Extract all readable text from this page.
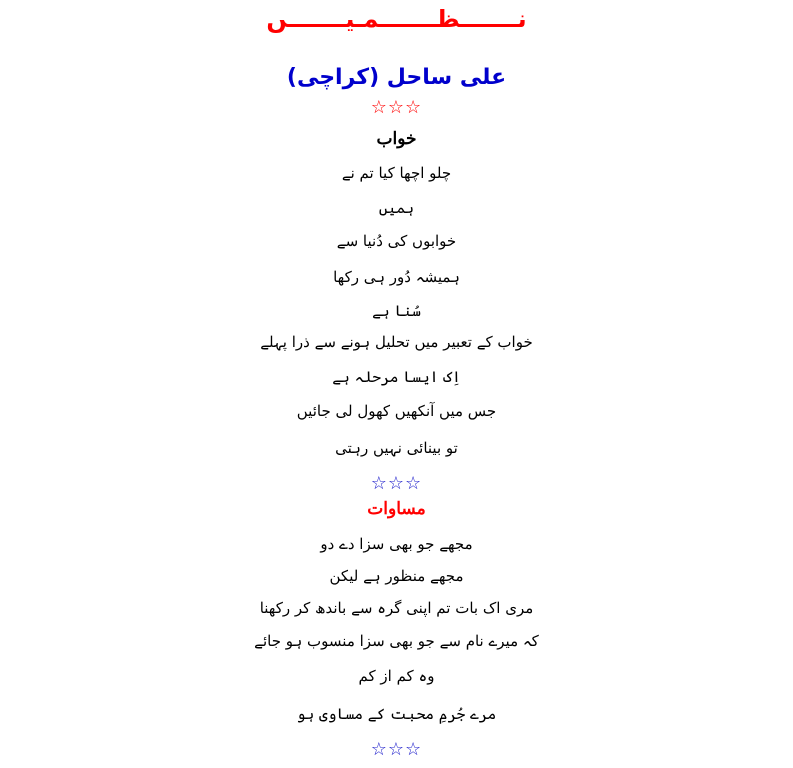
نـــــــظـــــــمـيـــــــں
علی ساحل (کراچی)
☆☆☆
خواب
چلو اچھا کیا تم نے
ہمیں
خوابوں کی دُنیا سے
ہمیشہ دُور ہی رکھا
سُنا ہے
خواب کے تعبیر میں تحلیل ہونے سے ذرا پہلے
اِک ایسا مرحلہ ہے
جس میں آنکھیں کھول لی جائیں
تو بینائی نہیں رہتی
☆☆☆
مساوات
مجھے جو بھی سزا دے دو
مجھے منظور ہے لیکن
مری اک بات تم اپنی گرہ سے باندھ کر رکھنا
کہ میرے نام سے جو بھی سزا منسوب ہو جائے
وہ کم از کم
مرے جُرمِ محبت کے مساوی ہو
☆☆☆
